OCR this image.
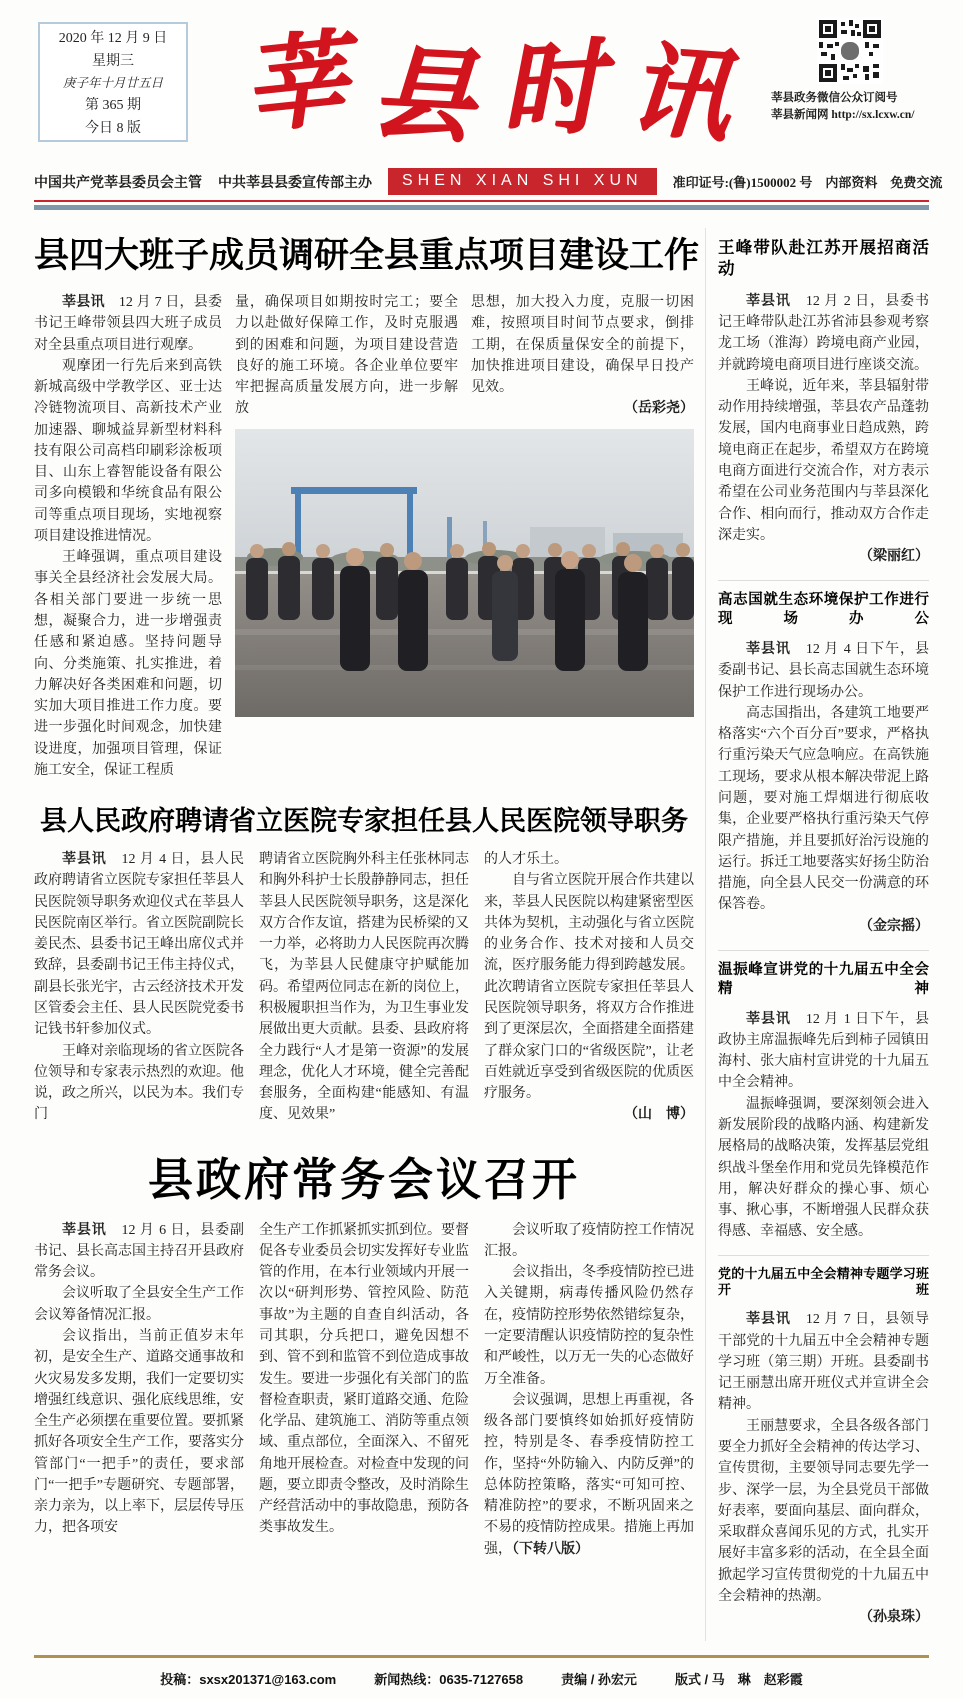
2020 年 12 月 9 日
星期三
庚子年十月廿五日
第 365 期
今日 8 版 莘 县 时 讯	莘县政务微信公众订阅号
莘县新闻网 http://sx.lcxw.cn/
中国共产党莘县委员会主管 中共莘县县委宣传部主办	SHEN XIAN SHI XUN	准印证号:(鲁)1500002 号　内部资料　免费交流
县四大班子成员调研全县重点项目建设工作

莘县讯　12 月 7 日，县委书记王峰带领县四大班子成员对全县重点项目进行观摩。

观摩团一行先后来到高铁新城高级中学教学区、亚士达冷链物流项目、高新技术产业加速器、聊城益昇新型材料科技有限公司高档印刷彩涂板项目、山东上睿智能设备有限公司多向模锻和华统食品有限公司等重点项目现场，实地视察项目建设推进情况。

王峰强调，重点项目建设事关全县经济社会发展大局。各相关部门要进一步统一思想，凝聚合力，进一步增强责任感和紧迫感。坚持问题导向、分类施策、扎实推进，着力解决好各类困难和问题，切实加大项目推进工作力度。要进一步强化时间观念，加快建设进度，加强项目管理，保证施工安全，保证工程质

量，确保项目如期按时完工；要全力以赴做好保障工作，及时克服遇到的困难和问题，为项目建设营造良好的施工环境。各企业单位要牢牢把握高质量发展方向，进一步解放

思想，加大投入力度，克服一切困难，按照项目时间节点要求，倒排工期，在保质量保安全的前提下，加快推进项目建设，确保早日投产见效。

（岳彩尧）
县人民政府聘请省立医院专家担任县人民医院领导职务

莘县讯　12 月 4 日，县人民政府聘请省立医院专家担任莘县人民医院领导职务欢迎仪式在莘县人民医院南区举行。省立医院副院长姜民杰、县委书记王峰出席仪式并致辞，县委副书记王伟主持仪式，副县长张光宇，古云经济技术开发区管委会主任、县人民医院党委书记钱书轩参加仪式。

王峰对亲临现场的省立医院各位领导和专家表示热烈的欢迎。他说，政之所兴，以民为本。我们专门

聘请省立医院胸外科主任张林同志和胸外科护士长殷静静同志，担任莘县人民医院领导职务，这是深化双方合作友谊，搭建为民桥梁的又一力举，必将助力人民医院再次腾飞，为莘县人民健康守护赋能加码。希望两位同志在新的岗位上，积极履职担当作为，为卫生事业发展做出更大贡献。县委、县政府将全力践行“人才是第一资源”的发展理念，优化人才环境，健全完善配套服务，全面构建“能感知、有温度、见效果”

的人才乐土。

自与省立医院开展合作共建以来，莘县人民医院以构建紧密型医共体为契机，主动强化与省立医院的业务合作、技术对接和人员交流，医疗服务能力得到跨越发展。此次聘请省立医院专家担任莘县人民医院领导职务，将双方合作推进到了更深层次，全面搭建全面搭建了群众家门口的“省级医院”，让老百姓就近享受到省级医院的优质医疗服务。

（山　博）
县政府常务会议召开

莘县讯　12 月 6 日，县委副书记、县长高志国主持召开县政府常务会议。

会议听取了全县安全生产工作会议筹备情况汇报。

会议指出，当前正值岁末年初，是安全生产、道路交通事故和火灾易发多发期，我们一定要切实增强红线意识、强化底线思维，安全生产必须摆在重要位置。要抓紧抓好各项安全生产工作，要落实分管部门“一把手”的责任，要求部门“一把手”专题研究、专题部署，亲力亲为，以上率下，层层传导压力，把各项安

全生产工作抓紧抓实抓到位。要督促各专业委员会切实发挥好专业监管的作用，在本行业领域内开展一次以“研判形势、管控风险、防范事故”为主题的自查自纠活动，各司其职，分兵把口，避免因想不到、管不到和监管不到位造成事故发生。要进一步强化有关部门的监督检查职责，紧盯道路交通、危险化学品、建筑施工、消防等重点领域、重点部位，全面深入、不留死角地开展检查。对检查中发现的问题，要立即责令整改，及时消除生产经营活动中的事故隐患，预防各类事故发生。

会议听取了疫情防控工作情况汇报。

会议指出，冬季疫情防控已进入关键期，病毒传播风险仍然存在，疫情防控形势依然错综复杂，一定要清醒认识疫情防控的复杂性和严峻性，以万无一失的心态做好万全准备。

会议强调，思想上再重视，各级各部门要慎终如始抓好疫情防控，特别是冬、春季疫情防控工作，坚持“外防输入、内防反弹”的总体防控策略，落实“可知可控、精准防控”的要求，不断巩固来之不易的疫情防控成果。措施上再加强，（下转八版）

王峰带队赴江苏开展招商活动

莘县讯　12 月 2 日，县委书记王峰带队赴江苏省沛县参观考察龙工场（淮海）跨境电商产业园，并就跨境电商项目进行座谈交流。

王峰说，近年来，莘县辐射带动作用持续增强，莘县农产品蓬勃发展，国内电商事业日趋成熟，跨境电商正在起步，希望双方在跨境电商方面进行交流合作，对方表示希望在公司业务范围内与莘县深化合作、相向而行，推动双方合作走深走实。

（梁丽红）
高志国就生态环境保护工作进行现场办公

莘县讯　12 月 4 日下午，县委副书记、县长高志国就生态环境保护工作进行现场办公。

高志国指出，各建筑工地要严格落实“六个百分百”要求，严格执行重污染天气应急响应。在高铁施工现场，要求从根本解决带泥上路问题，要对施工焊烟进行彻底收集，企业要严格执行重污染天气停限产措施，并且要抓好治污设施的运行。拆迁工地要落实好扬尘防治措施，向全县人民交一份满意的环保答卷。

（金宗摇）
温振峰宣讲党的十九届五中全会精神

莘县讯　12 月 1 日下午，县政协主席温振峰先后到柿子园镇田海村、张大庙村宣讲党的十九届五中全会精神。

温振峰强调，要深刻领会进入新发展阶段的战略内涵、构建新发展格局的战略决策，发挥基层党组织战斗堡垒作用和党员先锋模范作用，解决好群众的操心事、烦心事、揪心事，不断增强人民群众获得感、幸福感、安全感。

党的十九届五中全会精神专题学习班开班

莘县讯　12 月 7 日，县领导干部党的十九届五中全会精神专题学习班（第三期）开班。县委副书记王丽慧出席开班仪式并宣讲全会精神。

王丽慧要求，全县各级各部门要全力抓好全会精神的传达学习、宣传贯彻，主要领导同志要先学一步、深学一层，为全县党员干部做好表率，要面向基层、面向群众，采取群众喜闻乐见的方式，扎实开展好丰富多彩的活动，在全县全面掀起学习宣传贯彻党的十九届五中全会精神的热潮。

（孙泉珠）
投稿：sxsx201371@163.com	新闻热线：0635-7127658	责编 / 孙宏元	版式 / 马　琳　赵彩霞
